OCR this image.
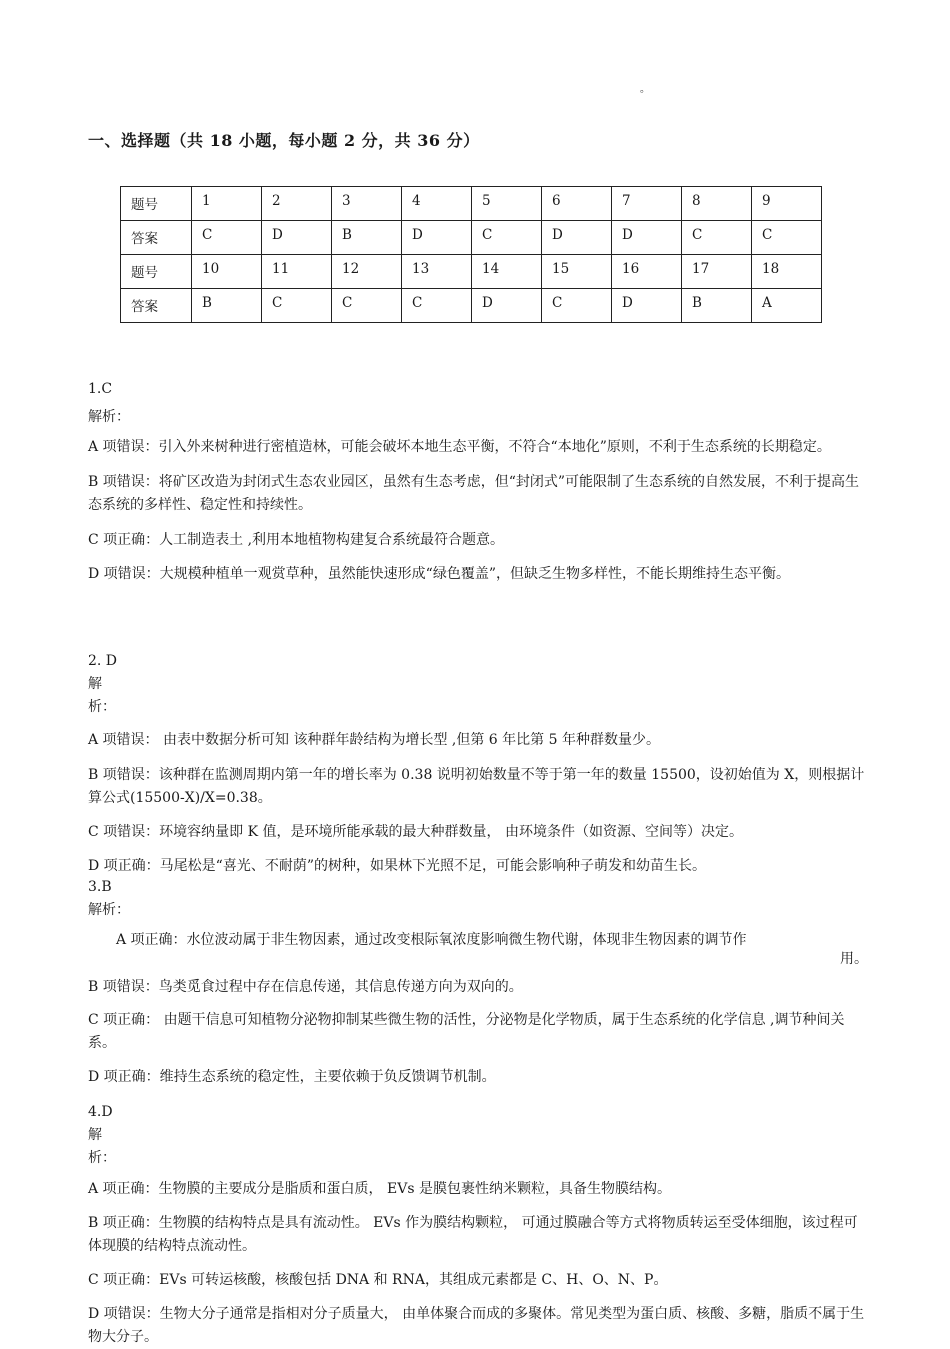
。
一、选择题（共 18 小题，每小题 2 分，共 36 分）
题号	1	2	3	4	5	6	7	8	9
答案	C	D	B	D	C	D	D	C	C
题号	10	11	12	13	14	15	16	17	18
答案	B	C	C	C	D	C	D	B	A

1.C

解析：

A 项错误：引入外来树种进行密植造林，可能会破坏本地生态平衡，不符合“本地化”原则，不利于生态系统的长期稳定。

B 项错误：将矿区改造为封闭式生态农业园区，虽然有生态考虑，但“封闭式”可能限制了生态系统的自然发展，不利于提高生态系统的多样性、稳定性和持续性。

C 项正确：人工制造表土 ,利用本地植物构建复合系统最符合题意。

D 项错误：大规模种植单一观赏草种，虽然能快速形成“绿色覆盖”，但缺乏生物多样性，不能长期维持生态平衡。

2. D

解

析：

A 项错误： 由表中数据分析可知 该种群年龄结构为增长型 ,但第 6 年比第 5 年种群数量少。

B 项错误：该种群在监测周期内第一年的增长率为 0.38 说明初始数量不等于第一年的数量 15500，设初始值为 X，则根据计算公式(15500-X)/X=0.38。

C 项错误：环境容纳量即 K 值，是环境所能承载的最大种群数量， 由环境条件（如资源、空间等）决定。

D 项正确：马尾松是“喜光、不耐荫”的树种，如果林下光照不足，可能会影响种子萌发和幼苗生长。

3.B

解析：

A 项正确：水位波动属于非生物因素，通过改变根际氧浓度影响微生物代谢，体现非生物因素的调节作

用。

B 项错误：鸟类觅食过程中存在信息传递，其信息传递方向为双向的。

C 项正确： 由题干信息可知植物分泌物抑制某些微生物的活性，分泌物是化学物质，属于生态系统的化学信息 ,调节种间关系。

D 项正确：维持生态系统的稳定性，主要依赖于负反馈调节机制。

4.D

解

析：

A 项正确：生物膜的主要成分是脂质和蛋白质， EVs 是膜包裹性纳米颗粒，具备生物膜结构。

B 项正确：生物膜的结构特点是具有流动性。 EVs 作为膜结构颗粒， 可通过膜融合等方式将物质转运至受体细胞，该过程可体现膜的结构特点流动性。

C 项正确：EVs 可转运核酸，核酸包括 DNA 和 RNA，其组成元素都是 C、H、O、N、P。

D 项错误：生物大分子通常是指相对分子质量大， 由单体聚合而成的多聚体。常见类型为蛋白质、核酸、多糖，脂质不属于生物大分子。
